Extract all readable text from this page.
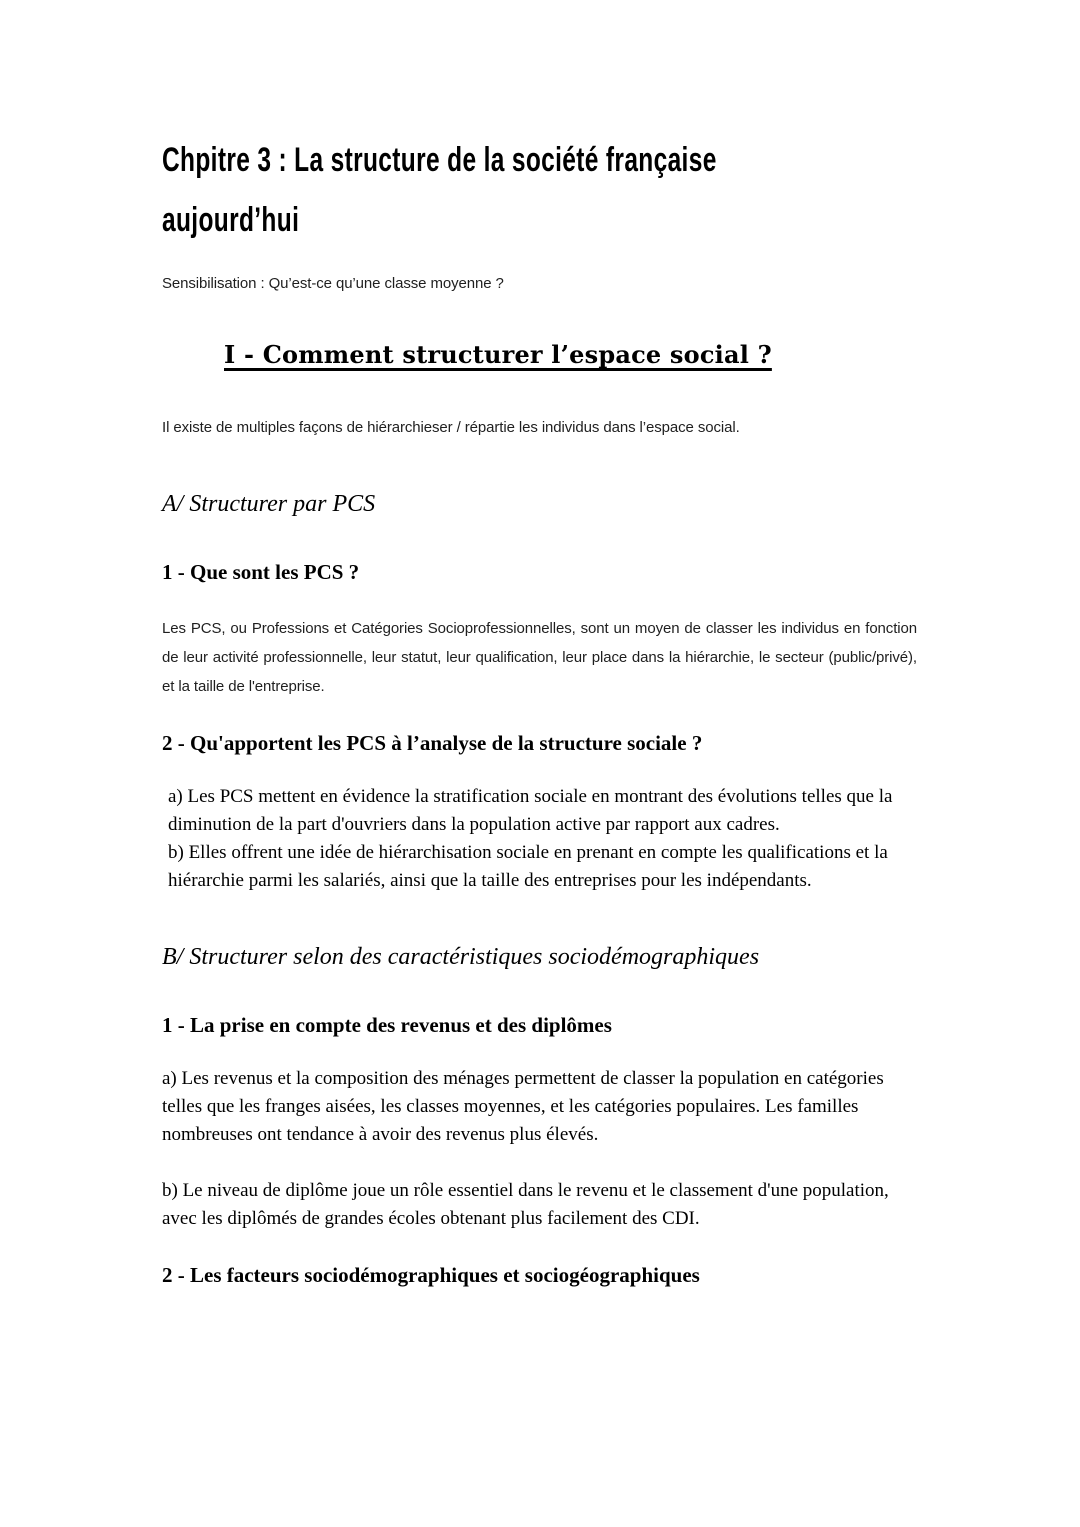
Chpitre 3 : La structure de la société française
aujourd’hui

Sensibilisation : Qu’est-ce qu’une classe moyenne ?

I - Comment structurer l’espace social ?

Il existe de multiples façons de hiérarchieser / répartie les individus dans l’espace social.

A/ Structurer par PCS
1 - Que sont les PCS ?

Les PCS, ou Professions et Catégories Socioprofessionnelles, sont un moyen de classer les individus en fonction de leur activité professionnelle, leur statut, leur qualification, leur place dans la hiérarchie, le secteur (public/privé), et la taille de l'entreprise.

2 - Qu'apportent les PCS à l’analyse de la structure sociale ?

a) Les PCS mettent en évidence la stratification sociale en montrant des évolutions telles que la diminution de la part d'ouvriers dans la population active par rapport aux cadres.

b) Elles offrent une idée de hiérarchisation sociale en prenant en compte les qualifications et la hiérarchie parmi les salariés, ainsi que la taille des entreprises pour les indépendants.

B/ Structurer selon des caractéristiques sociodémographiques
1 - La prise en compte des revenus et des diplômes

a) Les revenus et la composition des ménages permettent de classer la population en catégories telles que les franges aisées, les classes moyennes, et les catégories populaires. Les familles nombreuses ont tendance à avoir des revenus plus élevés.

b) Le niveau de diplôme joue un rôle essentiel dans le revenu et le classement d'une population, avec les diplômés de grandes écoles obtenant plus facilement des CDI.

2 - Les facteurs sociodémographiques et sociogéographiques
